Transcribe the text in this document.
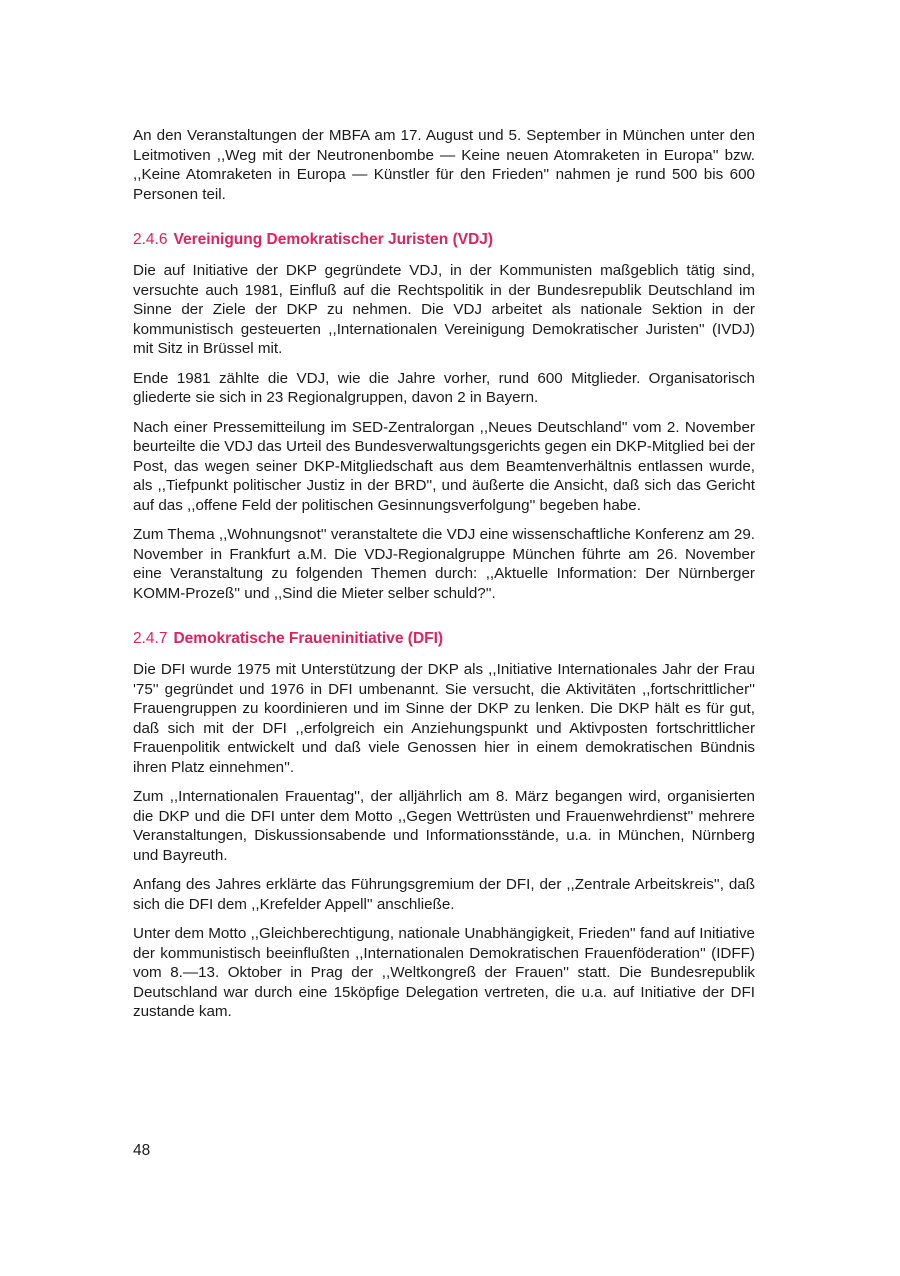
An den Veranstaltungen der MBFA am 17. August und 5. September in München unter den Leitmotiven ,,Weg mit der Neutronenbombe — Keine neuen Atomraketen in Europa'' bzw. ,,Keine Atomraketen in Europa — Künstler für den Frieden'' nahmen je rund 500 bis 600 Personen teil.

2.4.6 Vereinigung Demokratischer Juristen (VDJ)

Die auf Initiative der DKP gegründete VDJ, in der Kommunisten maßgeblich tätig sind, versuchte auch 1981, Einfluß auf die Rechtspolitik in der Bundesrepublik Deutschland im Sinne der Ziele der DKP zu nehmen. Die VDJ arbeitet als nationale Sektion in der kommunistisch gesteuerten ,,Internationalen Vereinigung Demokratischer Juristen'' (IVDJ) mit Sitz in Brüssel mit.

Ende 1981 zählte die VDJ, wie die Jahre vorher, rund 600 Mitglieder. Organisatorisch gliederte sie sich in 23 Regionalgruppen, davon 2 in Bayern.

Nach einer Pressemitteilung im SED-Zentralorgan ,,Neues Deutschland'' vom 2. November beurteilte die VDJ das Urteil des Bundesverwaltungsgerichts gegen ein DKP-Mitglied bei der Post, das wegen seiner DKP-Mitgliedschaft aus dem Beamtenverhältnis entlassen wurde, als ,,Tiefpunkt politischer Justiz in der BRD'', und äußerte die Ansicht, daß sich das Gericht auf das ,,offene Feld der politischen Gesinnungsverfolgung'' begeben habe.

Zum Thema ,,Wohnungsnot'' veranstaltete die VDJ eine wissenschaftliche Konferenz am 29. November in Frankfurt a.M. Die VDJ-Regionalgruppe München führte am 26. November eine Veranstaltung zu folgenden Themen durch: ,,Aktuelle Information: Der Nürnberger KOMM-Prozeß'' und ,,Sind die Mieter selber schuld?''.

2.4.7 Demokratische Fraueninitiative (DFI)

Die DFI wurde 1975 mit Unterstützung der DKP als ,,Initiative Internationales Jahr der Frau '75'' gegründet und 1976 in DFI umbenannt. Sie versucht, die Aktivitäten ,,fortschrittlicher'' Frauengruppen zu koordinieren und im Sinne der DKP zu lenken. Die DKP hält es für gut, daß sich mit der DFI ,,erfolgreich ein Anziehungspunkt und Aktivposten fortschrittlicher Frauenpolitik entwickelt und daß viele Genossen hier in einem demokratischen Bündnis ihren Platz einnehmen''.

Zum ,,Internationalen Frauentag'', der alljährlich am 8. März begangen wird, organisierten die DKP und die DFI unter dem Motto ,,Gegen Wettrüsten und Frauenwehrdienst'' mehrere Veranstaltungen, Diskussionsabende und Informationsstände, u.a. in München, Nürnberg und Bayreuth.

Anfang des Jahres erklärte das Führungsgremium der DFI, der ,,Zentrale Arbeitskreis'', daß sich die DFI dem ,,Krefelder Appell'' anschließe.

Unter dem Motto ,,Gleichberechtigung, nationale Unabhängigkeit, Frieden'' fand auf Initiative der kommunistisch beeinflußten ,,Internationalen Demokratischen Frauenföderation'' (IDFF) vom 8.—13. Oktober in Prag der ,,Weltkongreß der Frauen'' statt. Die Bundesrepublik Deutschland war durch eine 15köpfige Delegation vertreten, die u.a. auf Initiative der DFI zustande kam.

48
